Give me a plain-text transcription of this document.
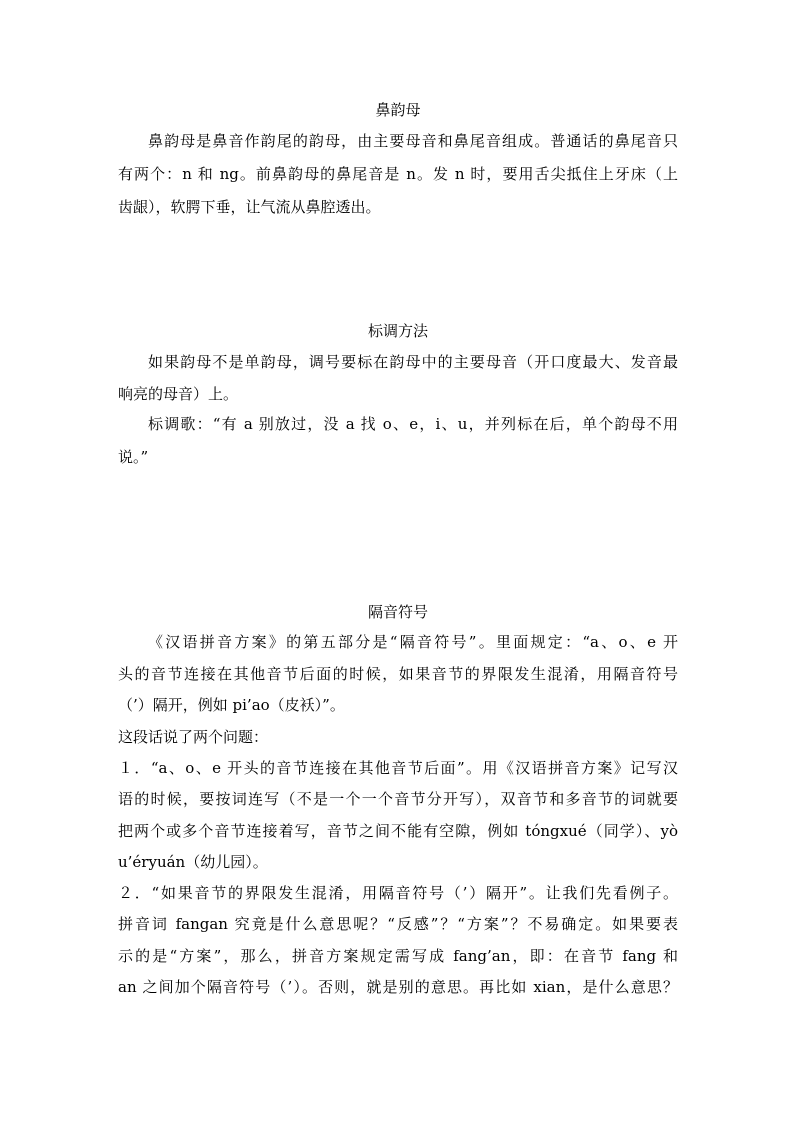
鼻韵母

鼻韵母是鼻音作韵尾的韵母，由主要母音和鼻尾音组成。普通话的鼻尾音只

有两个：n 和 ng。前鼻韵母的鼻尾音是 n。发 n 时，要用舌尖抵住上牙床（上

齿龈），软腭下垂，让气流从鼻腔透出。

标调方法

如果韵母不是单韵母，调号要标在韵母中的主要母音（开口度最大、发音最

响亮的母音）上。

标调歌：“有 a 别放过，没 a 找 o、e，i、u，并列标在后，单个韵母不用

说。”

隔音符号

《汉语拼音方案》的第五部分是“隔音符号”。里面规定：“a、o、e 开

头的音节连接在其他音节后面的时候，如果音节的界限发生混淆，用隔音符号

（’）隔开，例如 pi’ao（皮袄）”。

这段话说了两个问题：

１．“a、o、e 开头的音节连接在其他音节后面”。用《汉语拼音方案》记写汉

语的时候，要按词连写（不是一个一个音节分开写），双音节和多音节的词就要

把两个或多个音节连接着写，音节之间不能有空隙，例如 tóngxué（同学）、yò

u’éryuán（幼儿园）。

２．“如果音节的界限发生混淆，用隔音符号（’）隔开”。让我们先看例子。

拼音词 fangan 究竟是什么意思呢？“反感”？“方案”？不易确定。如果要表

示的是“方案”，那么，拼音方案规定需写成 fang’an，即：在音节 fang 和

an 之间加个隔音符号（’）。否则，就是别的意思。再比如 xian，是什么意思？
